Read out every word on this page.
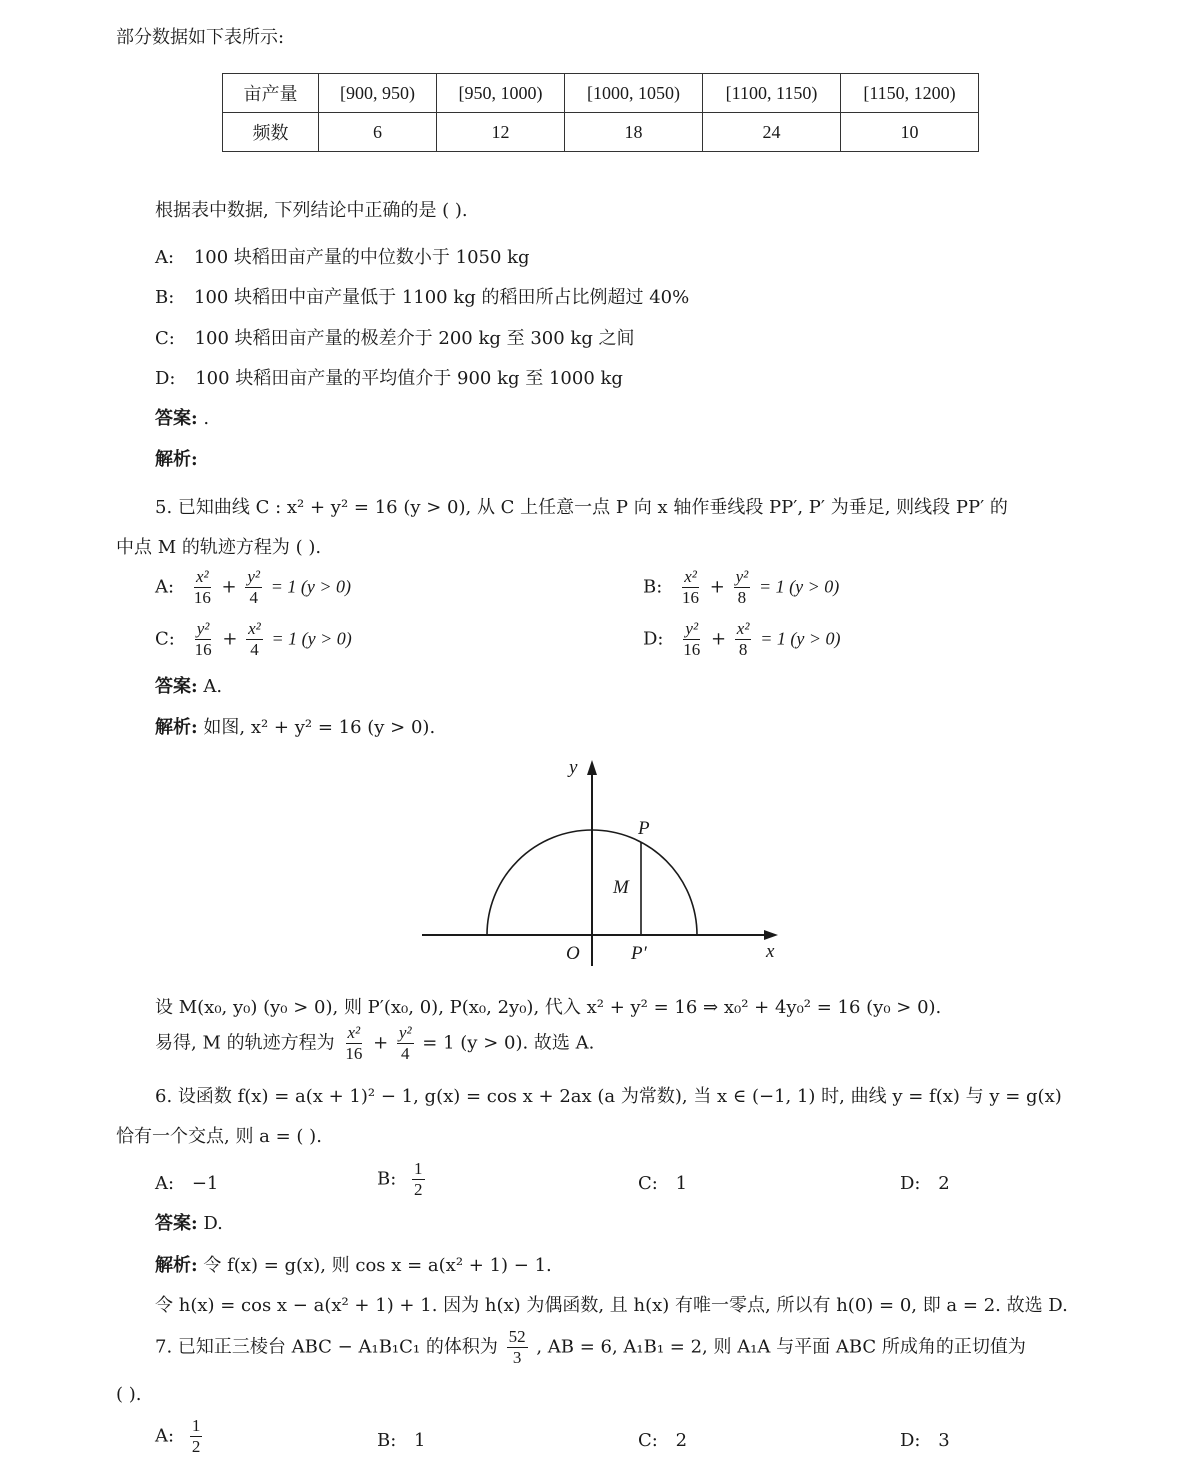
部分数据如下表所示:
亩产量	[900, 950)	[950, 1000)	[1000, 1050)	[1100, 1150)	[1150, 1200)
频数	6	12	18	24	10
根据表中数据, 下列结论中正确的是 ( ).
A: 100 块稻田亩产量的中位数小于 1050 kg
B: 100 块稻田中亩产量低于 1100 kg 的稻田所占比例超过 40%
C: 100 块稻田亩产量的极差介于 200 kg 至 300 kg 之间
D: 100 块稻田亩产量的平均值介于 900 kg 至 1000 kg
答案: .
解析:
5. 已知曲线 C : x² + y² = 16 (y > 0), 从 C 上任意一点 P 向 x 轴作垂线段 PP′, P′ 为垂足, 则线段 PP′ 的
中点 M 的轨迹方程为 ( ).
A: $\frac{\text{x²}}{16} + \frac{\text{y²}}{4} = 1$ (y > 0)	B: $\frac{\text{x²}}{16} + \frac{\text{y²}}{8} = 1$ (y > 0)
C: $\frac{\text{y²}}{16} + \frac{\text{x²}}{4} = 1$ (y > 0)	D: $\frac{\text{y²}}{16} + \frac{\text{x²}}{8} = 1$ (y > 0)
答案: A.
解析: 如图, x² + y² = 16 (y > 0).
y
x
O
P
M
P′
设 M(x₀, y₀) (y₀ > 0), 则 P′(x₀, 0), P(x₀, 2y₀), 代入 x² + y² = 16 ⇒ x₀² + 4y₀² = 16 (y₀ > 0).
易得, M 的轨迹方程为 $\frac{\text{x²}}{16} + \frac{\text{y²}}{4} = 1$ (y > 0). 故选 A.
6. 设函数 f(x) = a(x + 1)² − 1, g(x) = cos x + 2ax (a 为常数), 当 x ∈ (−1, 1) 时, 曲线 y = f(x) 与 y = g(x)
恰有一个交点, 则 a = ( ).
A: −1	B: $\frac{1}{2}$	C: 1	D: 2
答案: D.
解析: 令 f(x) = g(x), 则 cos x = a(x² + 1) − 1.
令 h(x) = cos x − a(x² + 1) + 1. 因为 h(x) 为偶函数, 且 h(x) 有唯一零点, 所以有 h(0) = 0, 即 a = 2. 故选 D.
7. 已知正三棱台 ABC − A₁B₁C₁ 的体积为 $\frac{52}{3}$ , AB = 6, A₁B₁ = 2, 则 A₁A 与平面 ABC 所成角的正切值为
( ).
A: $\frac{1}{2}$	B: 1	C: 2	D: 3
